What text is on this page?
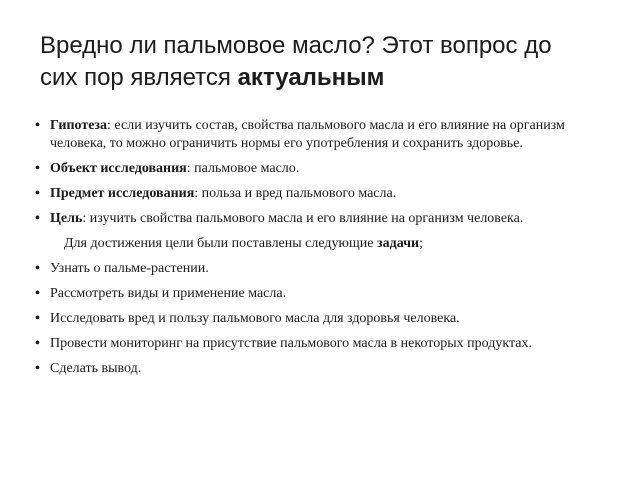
Вредно ли пальмовое масло? Этот вопрос до
сих пор является актуальным
• Гипотеза: если изучить состав, свойства пальмового масла и его влияние на организм человека, то можно ограничить нормы его употребления и сохранить здоровье.
• Объект исследования: пальмовое масло.
• Предмет исследования: польза и вред пальмового масла.
• Цель: изучить свойства пальмового масла и его влияние на организм человека.
Для достижения цели были поставлены следующие задачи;
• Узнать о пальме-растении.
• Рассмотреть виды и применение масла.
• Исследовать вред и пользу пальмового масла для здоровья человека.
• Провести мониторинг на присутствие пальмового масла в некоторых продуктах.
• Сделать вывод.
